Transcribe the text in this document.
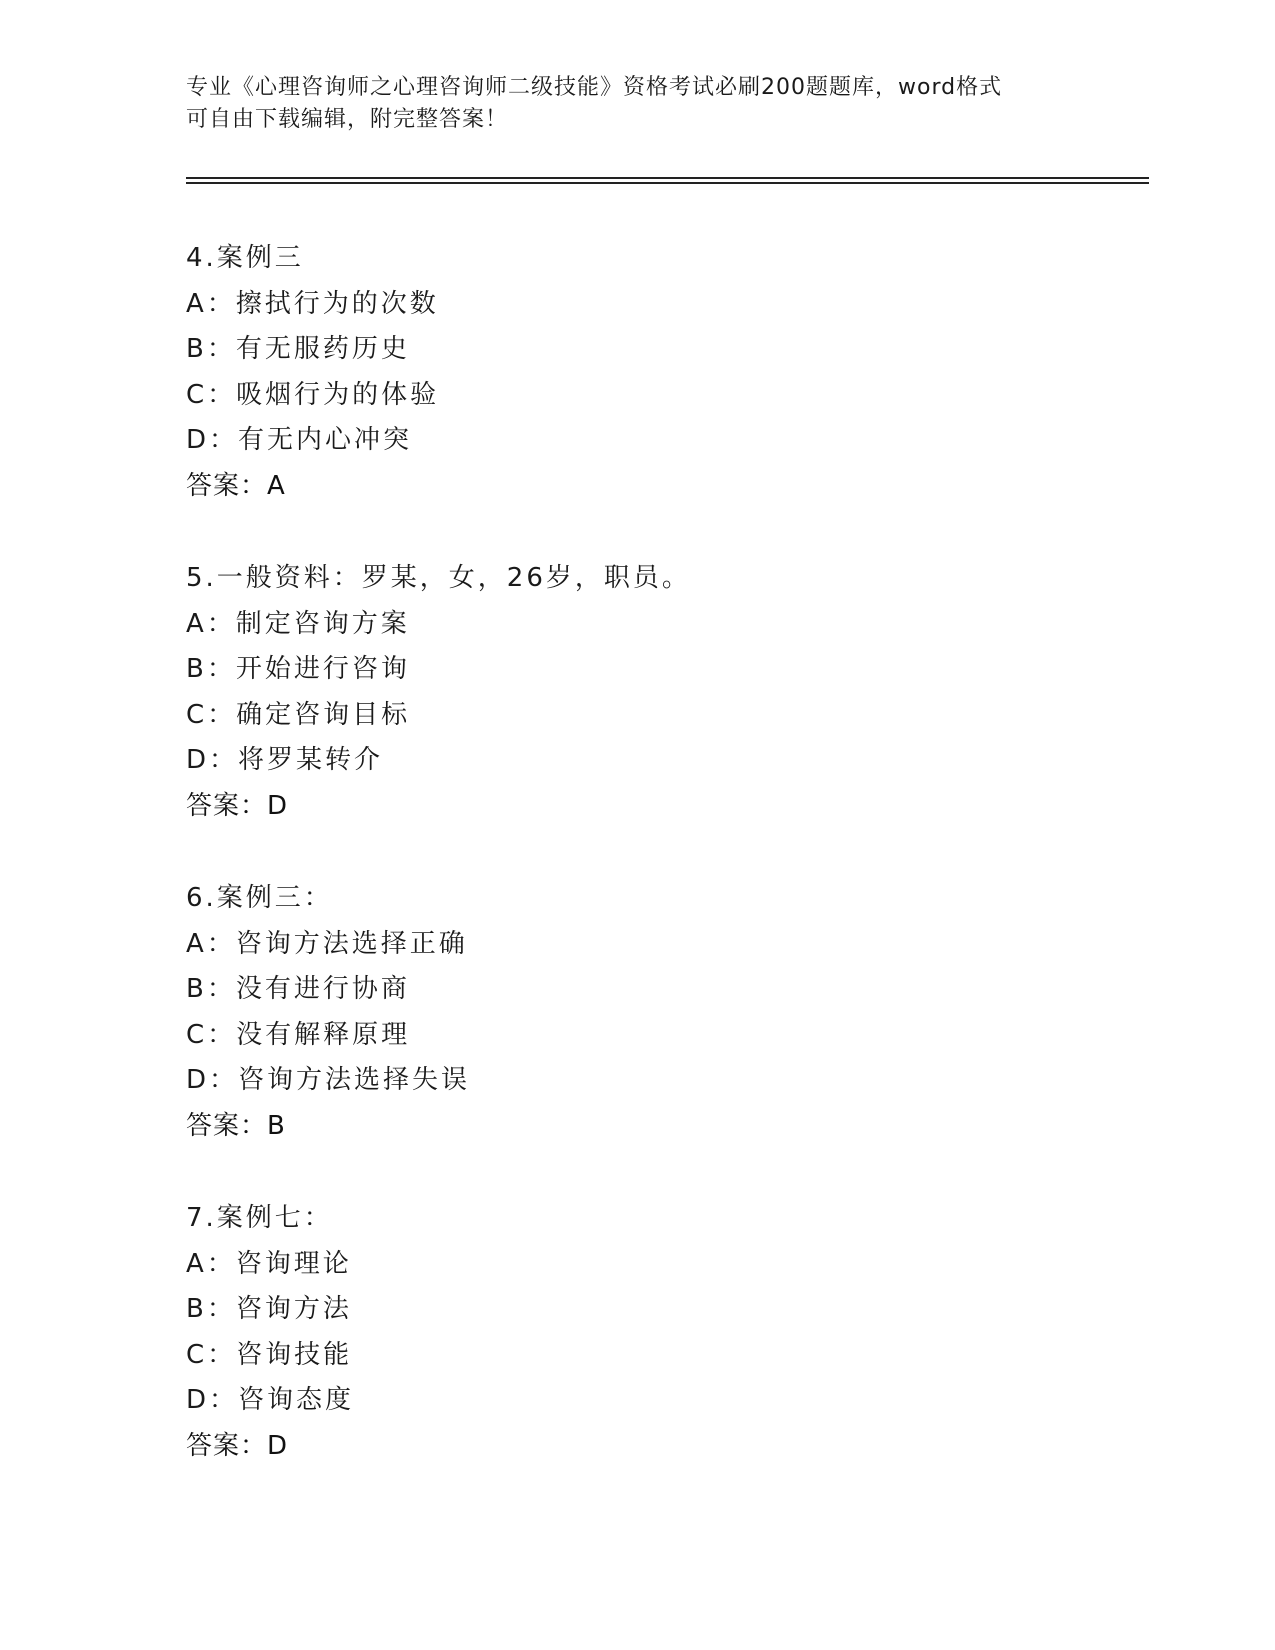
专业《心理咨询师之心理咨询师二级技能》资格考试必刷200题题库，word格式
可自由下载编辑，附完整答案！
4.案例三
A：擦拭行为的次数
B：有无服药历史
C：吸烟行为的体验
D：有无内心冲突
答案：A
5.一般资料：罗某，女，26岁，职员。
A：制定咨询方案
B：开始进行咨询
C：确定咨询目标
D：将罗某转介
答案：D
6.案例三：
A：咨询方法选择正确
B：没有进行协商
C：没有解释原理
D：咨询方法选择失误
答案：B
7.案例七：
A：咨询理论
B：咨询方法
C：咨询技能
D：咨询态度
答案：D
